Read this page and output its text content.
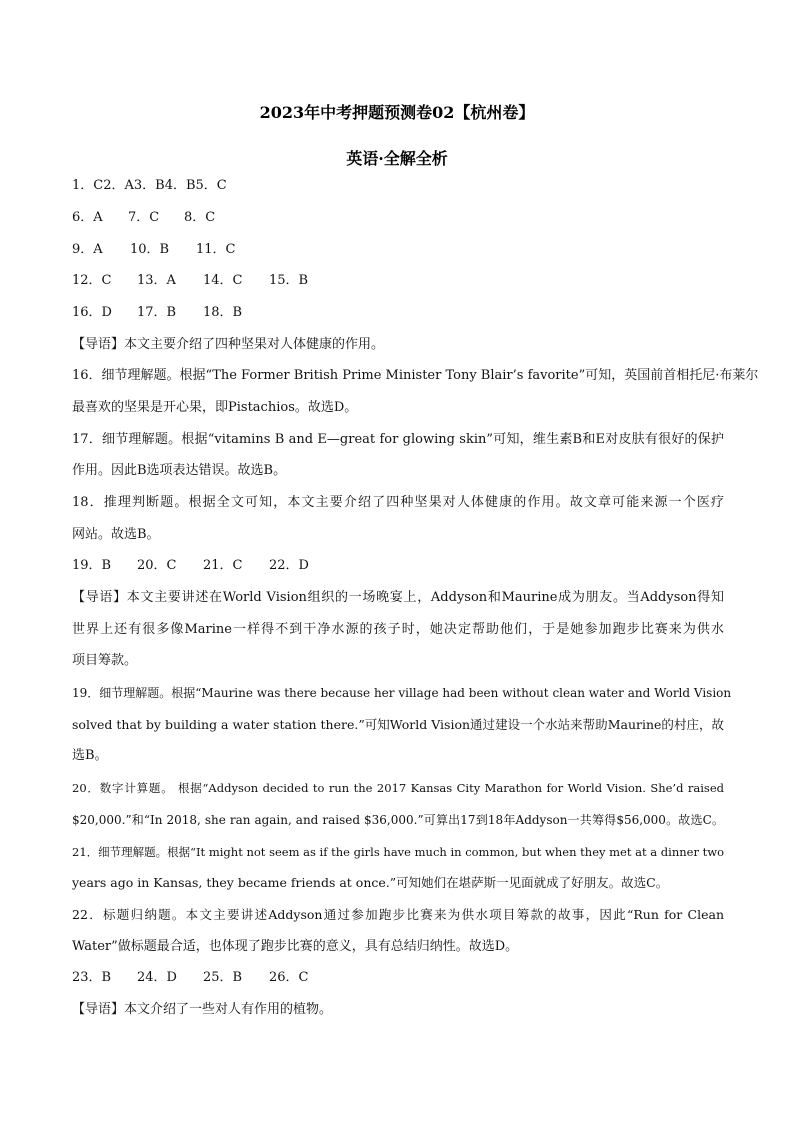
2023年中考押题预测卷02【杭州卷】
英语·全解全析
1．C2．A3．B4．B5．C
6．A 7．C 8．C
9．A 10．B 11．C
12．C 13．A 14．C 15．B
16．D 17．B 18．B
【导语】本文主要介绍了四种坚果对人体健康的作用。
16．细节理解题。根据“The Former British Prime Minister Tony Blair’s favorite”可知，英国前首相托尼·布莱尔
最喜欢的坚果是开心果，即Pistachios。故选D。
17．细节理解题。根据“vitamins B and E—great for glowing skin”可知，维生素B和E对皮肤有很好的保护
作用。因此B选项表达错误。故选B。
18．推理判断题。根据全文可知，本文主要介绍了四种坚果对人体健康的作用。故文章可能来源一个医疗
网站。故选B。
19．B 20．C 21．C 22．D
【导语】本文主要讲述在World Vision组织的一场晚宴上，Addyson和Maurine成为朋友。当Addyson得知
世界上还有很多像Marine一样得不到干净水源的孩子时，她决定帮助他们，于是她参加跑步比赛来为供水
项目筹款。
19．细节理解题。根据“Maurine was there because her village had been without clean water and World Vision
solved that by building a water station there.”可知World Vision通过建设一个水站来帮助Maurine的村庄，故
选B。
20．数字计算题。 根据“Addyson decided to run the 2017 Kansas City Marathon for World Vision. She’d raised
$20,000.”和“In 2018, she ran again, and raised $36,000.”可算出17到18年Addyson一共筹得$56,000。故选C。
21．细节理解题。根据“It might not seem as if the girls have much in common, but when they met at a dinner two
years ago in Kansas, they became friends at once.”可知她们在堪萨斯一见面就成了好朋友。故选C。
22．标题归纳题。本文主要讲述Addyson通过参加跑步比赛来为供水项目筹款的故事，因此“Run for Clean
Water”做标题最合适，也体现了跑步比赛的意义，具有总结归纳性。故选D。
23．B 24．D 25．B 26．C
【导语】本文介绍了一些对人有作用的植物。
